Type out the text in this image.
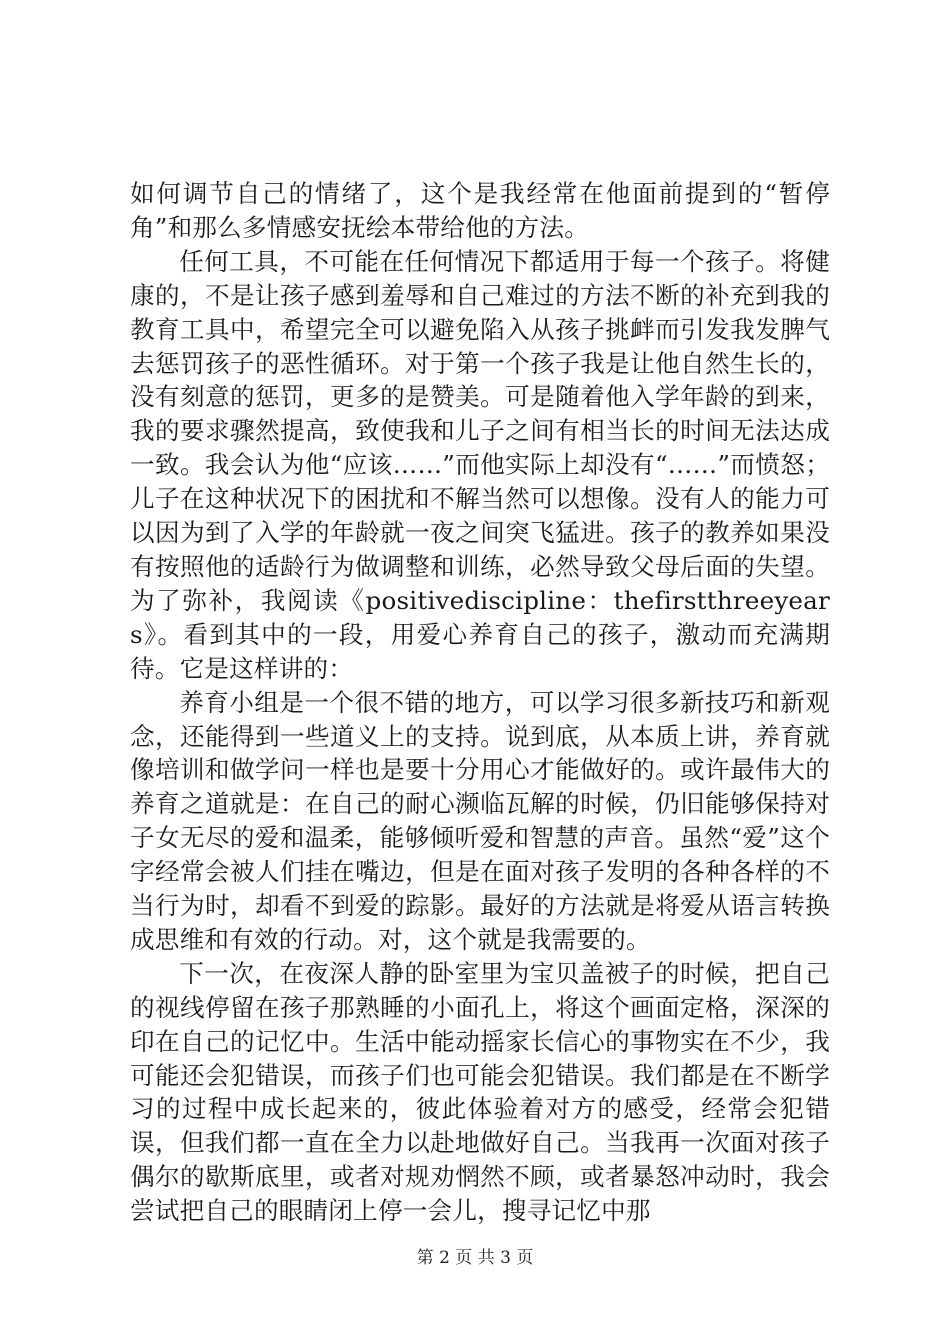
如何调节自己的情绪了，这个是我经常在他面前提到的“暂停角”和那么多情感安抚绘本带给他的方法。

任何工具，不可能在任何情况下都适用于每一个孩子。将健康的，不是让孩子感到羞辱和自己难过的方法不断的补充到我的教育工具中，希望完全可以避免陷入从孩子挑衅而引发我发脾气去惩罚孩子的恶性循环。对于第一个孩子我是让他自然生长的，没有刻意的惩罚，更多的是赞美。可是随着他入学年龄的到来，我的要求骤然提高，致使我和儿子之间有相当长的时间无法达成一致。我会认为他“应该……”而他实际上却没有“……”而愤怒；儿子在这种状况下的困扰和不解当然可以想像。没有人的能力可以因为到了入学的年龄就一夜之间突飞猛进。孩子的教养如果没有按照他的适龄行为做调整和训练，必然导致父母后面的失望。为了弥补，我阅读《positivediscipline：thefirstthreeyears》。看到其中的一段，用爱心养育自己的孩子，激动而充满期待。它是这样讲的：

养育小组是一个很不错的地方，可以学习很多新技巧和新观念，还能得到一些道义上的支持。说到底，从本质上讲，养育就像培训和做学问一样也是要十分用心才能做好的。或许最伟大的养育之道就是：在自己的耐心濒临瓦解的时候，仍旧能够保持对子女无尽的爱和温柔，能够倾听爱和智慧的声音。虽然“爱”这个字经常会被人们挂在嘴边，但是在面对孩子发明的各种各样的不当行为时，却看不到爱的踪影。最好的方法就是将爱从语言转换成思维和有效的行动。对，这个就是我需要的。

下一次，在夜深人静的卧室里为宝贝盖被子的时候，把自己的视线停留在孩子那熟睡的小面孔上，将这个画面定格，深深的印在自己的记忆中。生活中能动摇家长信心的事物实在不少，我可能还会犯错误，而孩子们也可能会犯错误。我们都是在不断学习的过程中成长起来的，彼此体验着对方的感受，经常会犯错误，但我们都一直在全力以赴地做好自己。当我再一次面对孩子偶尔的歇斯底里，或者对规劝惘然不顾，或者暴怒冲动时，我会尝试把自己的眼睛闭上停一会儿，搜寻记忆中那

第 2 页 共 3 页
